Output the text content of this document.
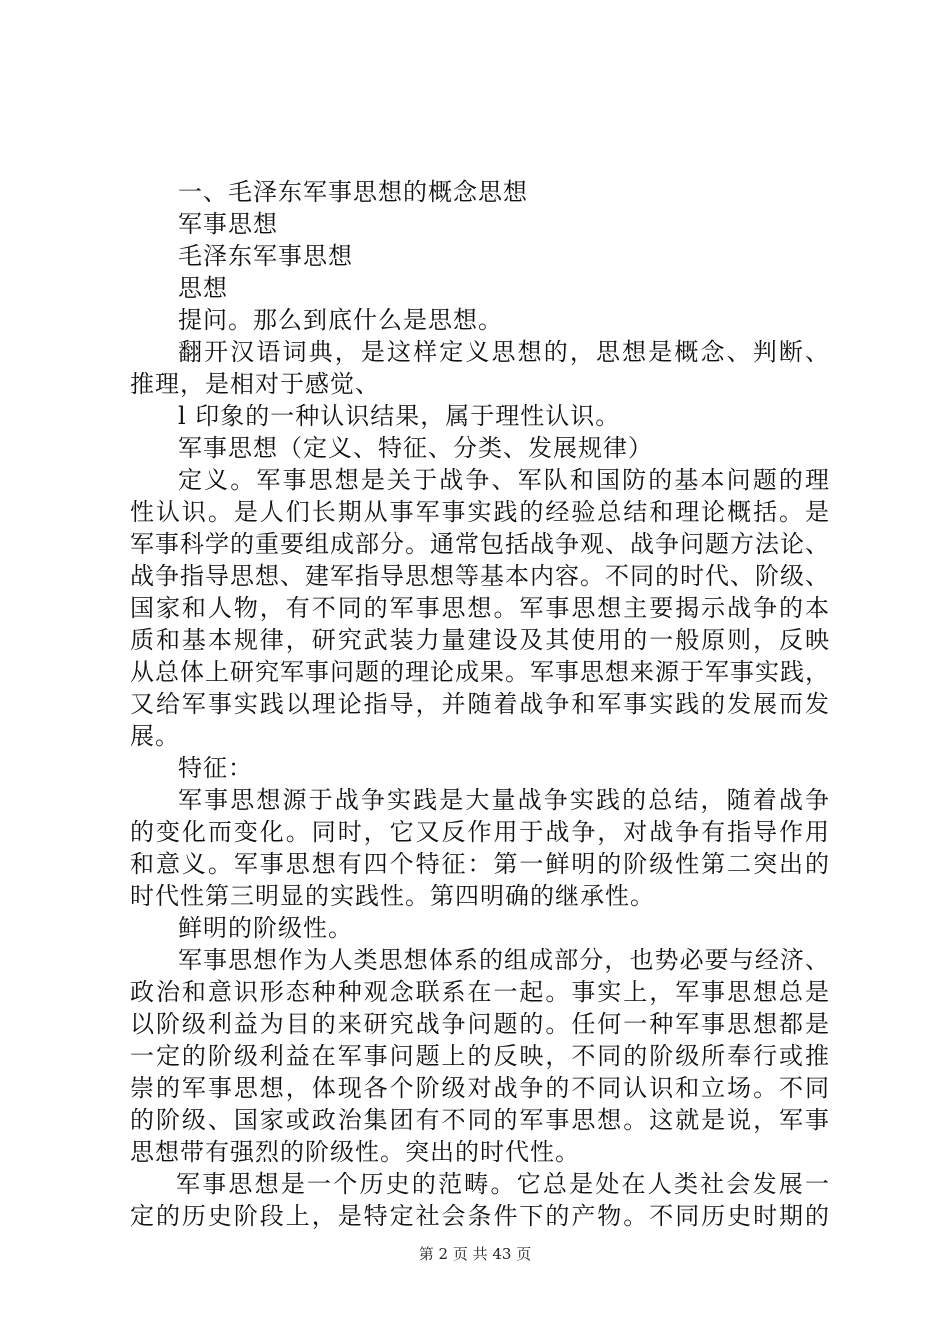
一、毛泽东军事思想的概念思想
军事思想
毛泽东军事思想
思想
提问。那么到底什么是思想。
翻开汉语词典，是这样定义思想的，思想是概念、判断、
推理，是相对于感觉、
l 印象的一种认识结果，属于理性认识。
军事思想（定义、特征、分类、发展规律）
定义。军事思想是关于战争、军队和国防的基本问题的理
性认识。是人们长期从事军事实践的经验总结和理论概括。是
军事科学的重要组成部分。通常包括战争观、战争问题方法论、
战争指导思想、建军指导思想等基本内容。不同的时代、阶级、
国家和人物，有不同的军事思想。军事思想主要揭示战争的本
质和基本规律，研究武装力量建设及其使用的一般原则，反映
从总体上研究军事问题的理论成果。军事思想来源于军事实践，
又给军事实践以理论指导，并随着战争和军事实践的发展而发
展。
特征：
军事思想源于战争实践是大量战争实践的总结，随着战争
的变化而变化。同时，它又反作用于战争，对战争有指导作用
和意义。军事思想有四个特征：第一鲜明的阶级性第二突出的
时代性第三明显的实践性。第四明确的继承性。
鲜明的阶级性。
军事思想作为人类思想体系的组成部分，也势必要与经济、
政治和意识形态种种观念联系在一起。事实上，军事思想总是
以阶级利益为目的来研究战争问题的。任何一种军事思想都是
一定的阶级利益在军事问题上的反映，不同的阶级所奉行或推
崇的军事思想，体现各个阶级对战争的不同认识和立场。不同
的阶级、国家或政治集团有不同的军事思想。这就是说，军事
思想带有强烈的阶级性。突出的时代性。
军事思想是一个历史的范畴。它总是处在人类社会发展一
定的历史阶段上，是特定社会条件下的产物。不同历史时期的
第 2 页 共 43 页
